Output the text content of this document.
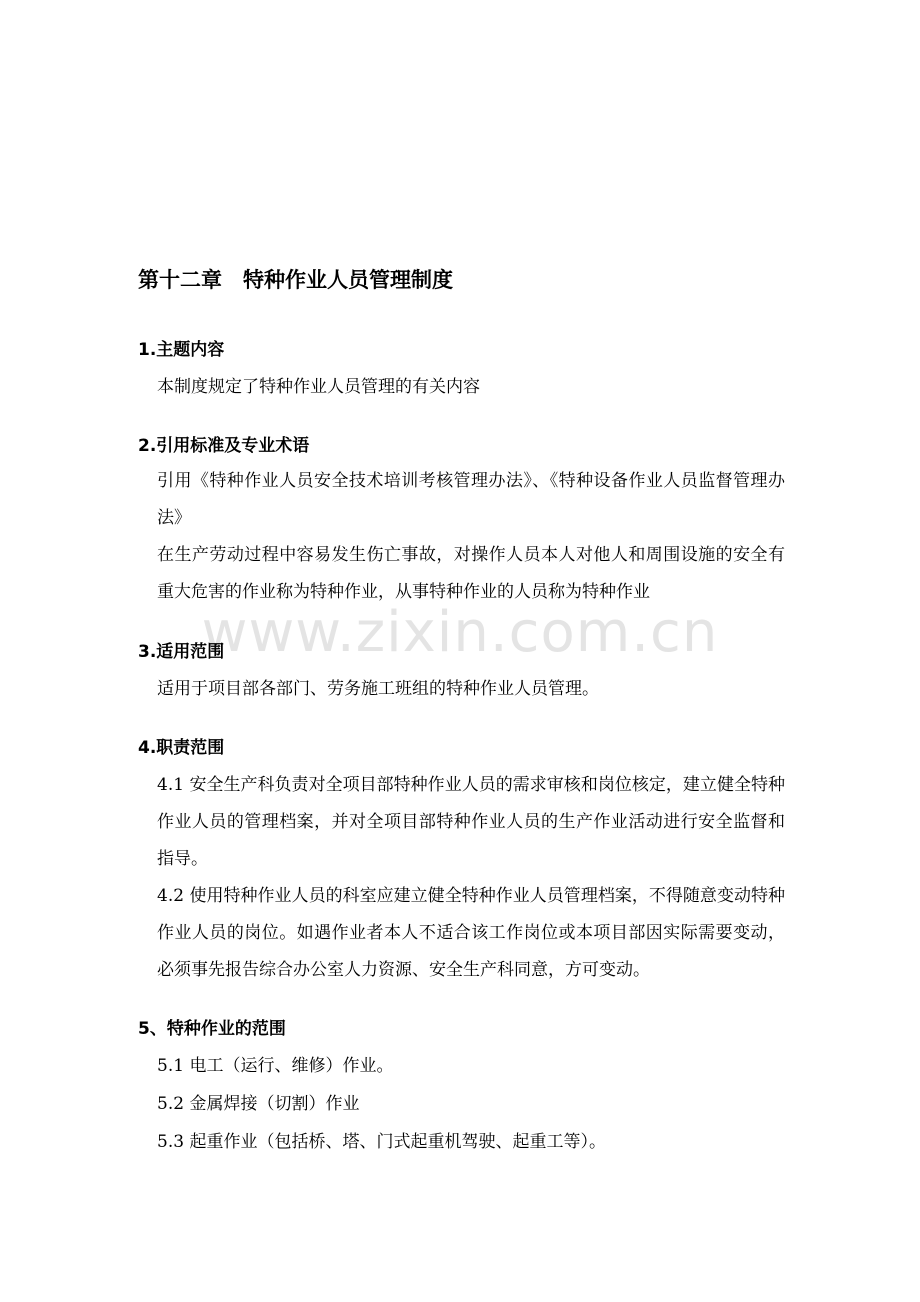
www.zixin.com.cn
第十二章　特种作业人员管理制度
1.主题内容

本制度规定了特种作业人员管理的有关内容

2.引用标准及专业术语

引用《特种作业人员安全技术培训考核管理办法》、《特种设备作业人员监督管理办法》

在生产劳动过程中容易发生伤亡事故，对操作人员本人对他人和周围设施的安全有重大危害的作业称为特种作业，从事特种作业的人员称为特种作业

3.适用范围

适用于项目部各部门、劳务施工班组的特种作业人员管理。

4.职责范围

4.1 安全生产科负责对全项目部特种作业人员的需求审核和岗位核定，建立健全特种作业人员的管理档案，并对全项目部特种作业人员的生产作业活动进行安全监督和指导。

4.2 使用特种作业人员的科室应建立健全特种作业人员管理档案，不得随意变动特种作业人员的岗位。如遇作业者本人不适合该工作岗位或本项目部因实际需要变动，必须事先报告综合办公室人力资源、安全生产科同意，方可变动。

5、特种作业的范围

5.1 电工（运行、维修）作业。

5.2 金属焊接（切割）作业

5.3 起重作业（包括桥、塔、门式起重机驾驶、起重工等）。
